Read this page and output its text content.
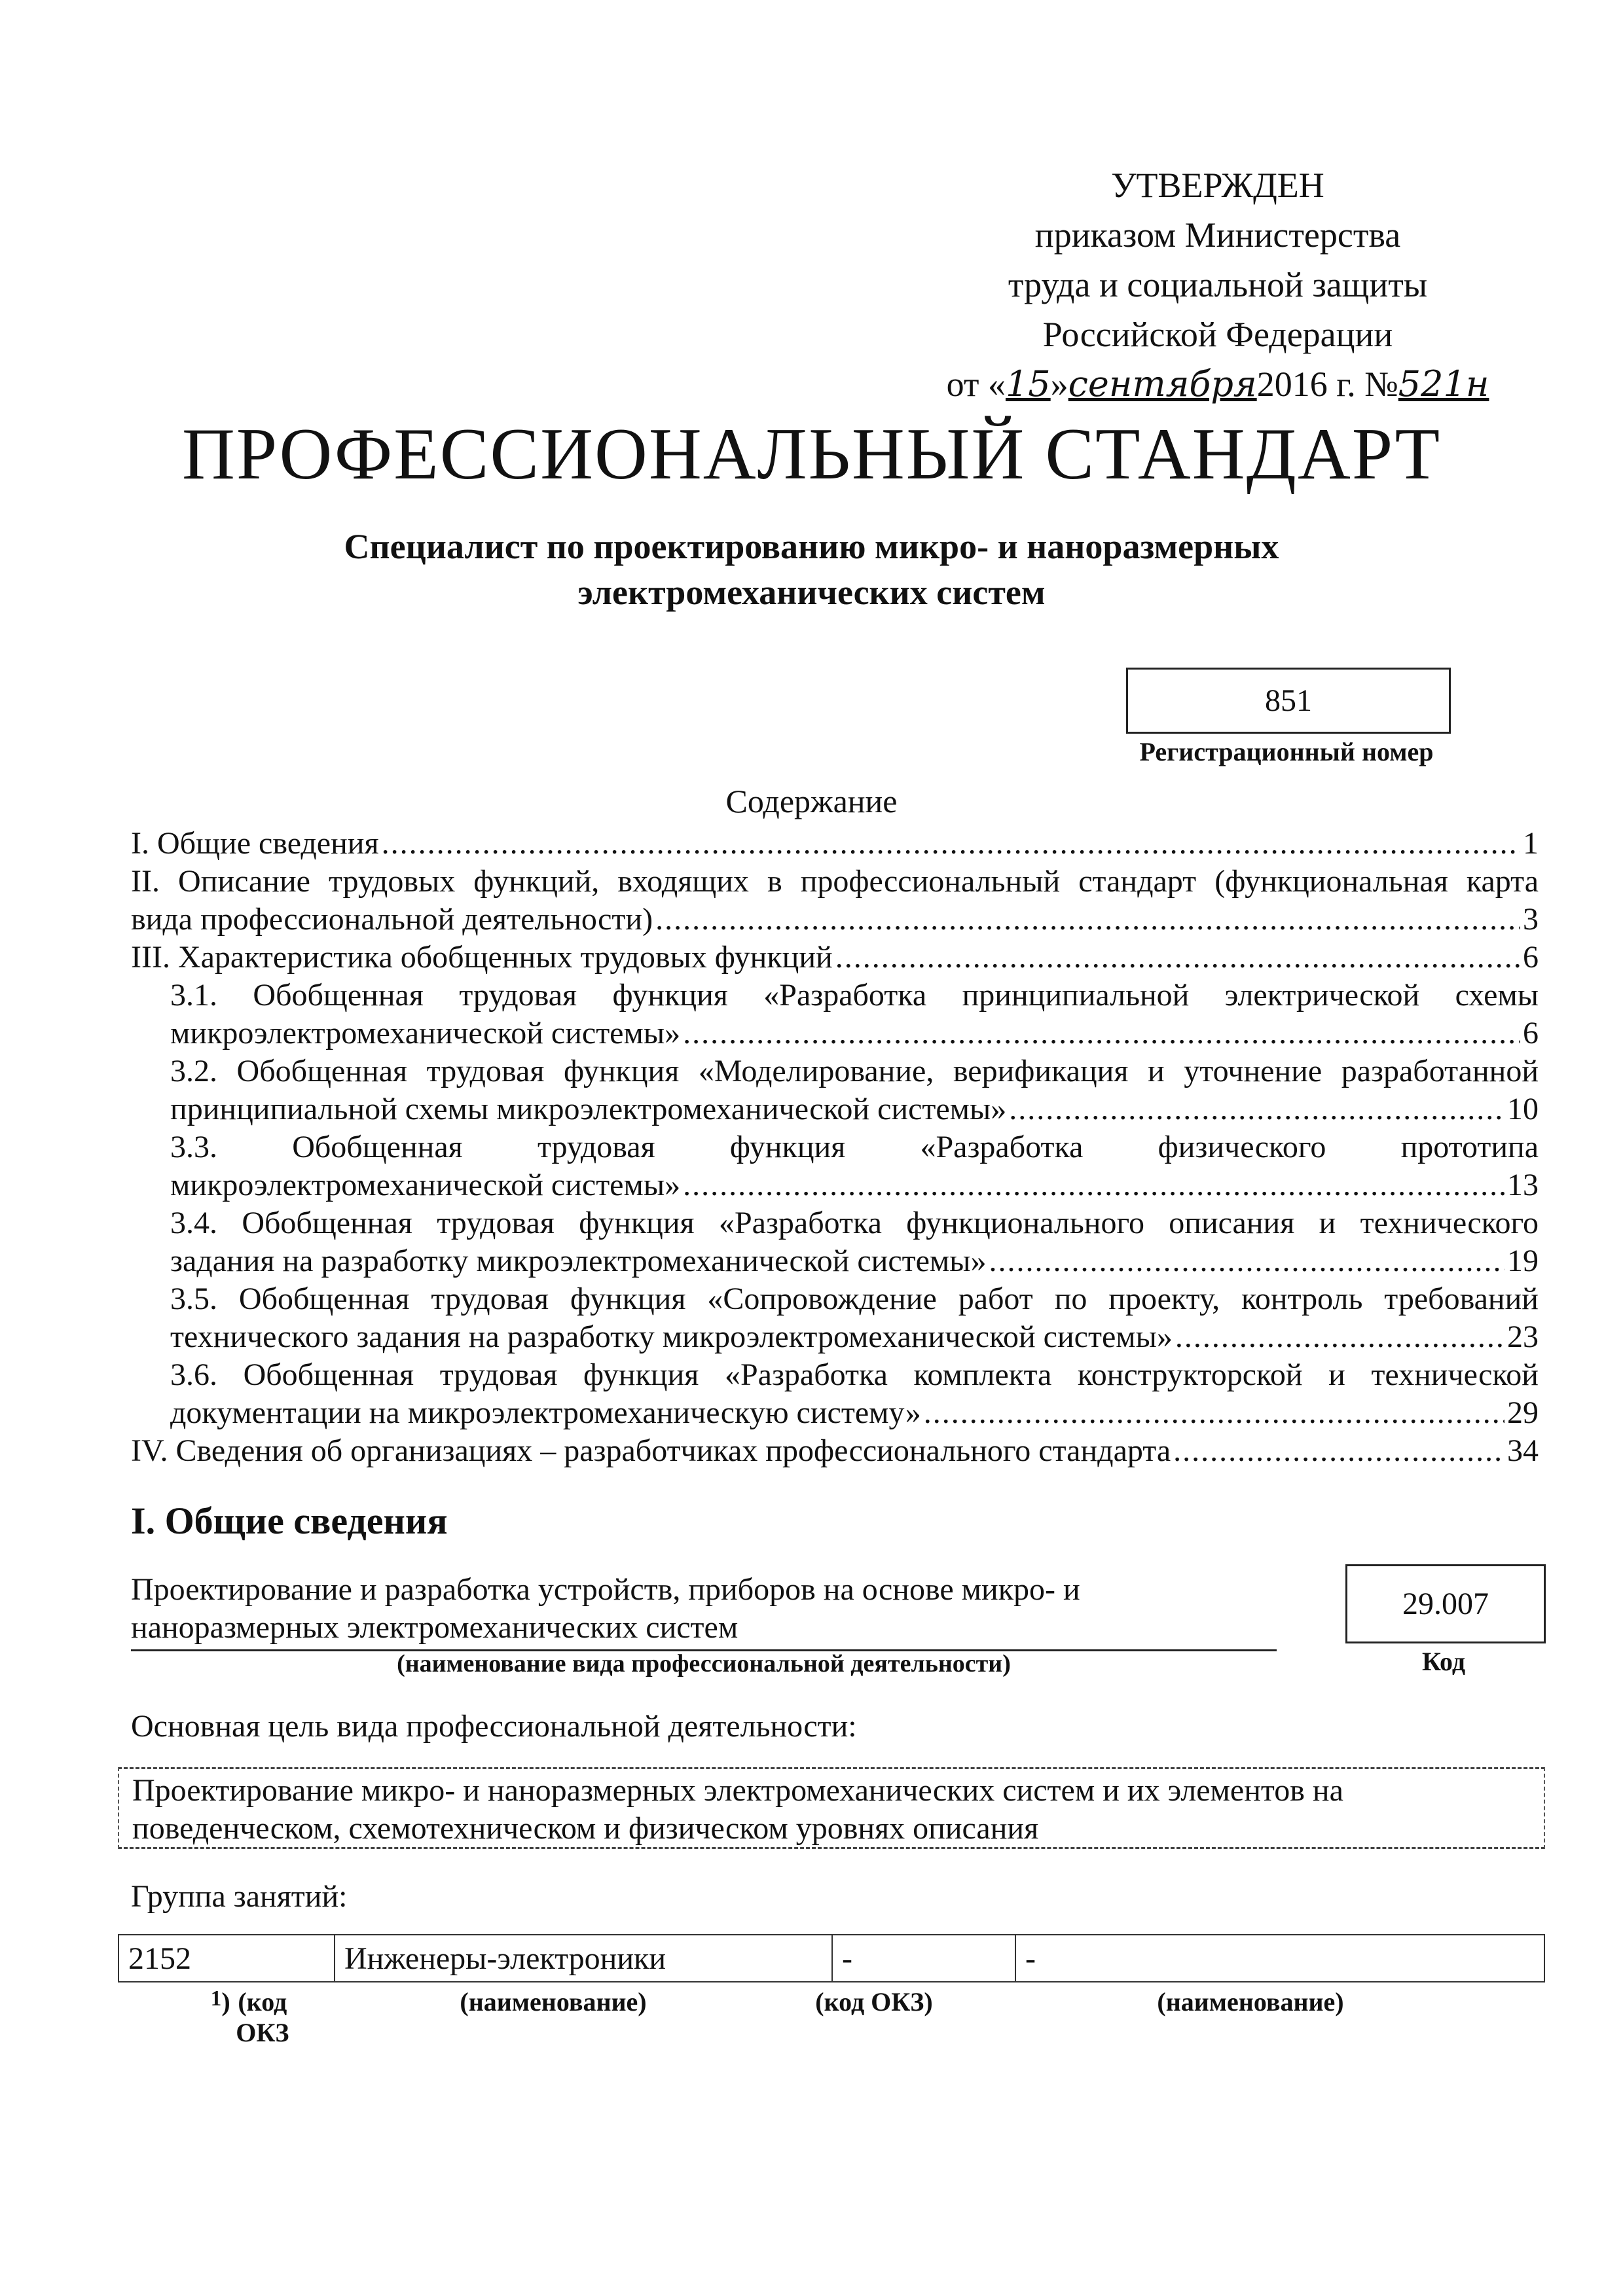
УТВЕРЖДЕН
приказом Министерства
труда и социальной защиты
Российской Федерации
от «15»сентября2016 г. №521н
ПРОФЕССИОНАЛЬНЫЙ СТАНДАРТ
Специалист по проектированию микро- и наноразмерных
электромеханических систем
851
Регистрационный номер
Содержание
I. Общие сведения .....	1
II. Описание трудовых функций, входящих в профессиональный стандарт (функциональная карта
вида профессиональной деятельности) .....	3
III. Характеристика обобщенных трудовых функций .....	6
3.1. Обобщенная трудовая функция «Разработка принципиальной электрической схемы
микроэлектромеханической системы» .....	6
3.2. Обобщенная трудовая функция «Моделирование, верификация и уточнение разработанной
принципиальной схемы микроэлектромеханической системы» .....	10
3.3. Обобщенная трудовая функция «Разработка физического прототипа
микроэлектромеханической системы» .....	13
3.4. Обобщенная трудовая функция «Разработка функционального описания и технического
задания на разработку микроэлектромеханической системы» .....	19
3.5. Обобщенная трудовая функция «Сопровождение работ по проекту, контроль требований
технического задания на разработку микроэлектромеханической системы» .....	23
3.6. Обобщенная трудовая функция «Разработка комплекта конструкторской и технической
документации на микроэлектромеханическую систему» .....	29
IV. Сведения об организациях – разработчиках профессионального стандарта .....	34
I. Общие сведения
Проектирование и разработка устройств, приборов на основе микро- и
наноразмерных электромеханических систем
(наименование вида профессиональной деятельности)
29.007
Код
Основная цель вида профессиональной деятельности:
Проектирование микро- и наноразмерных электромеханических систем и их элементов на
поведенческом, схемотехническом и физическом уровнях описания
Группа занятий:
2152	Инженеры-электроники	-	-
(код ОКЗ
$^1$ )	(наименование)	(код ОКЗ)	(наименование)
